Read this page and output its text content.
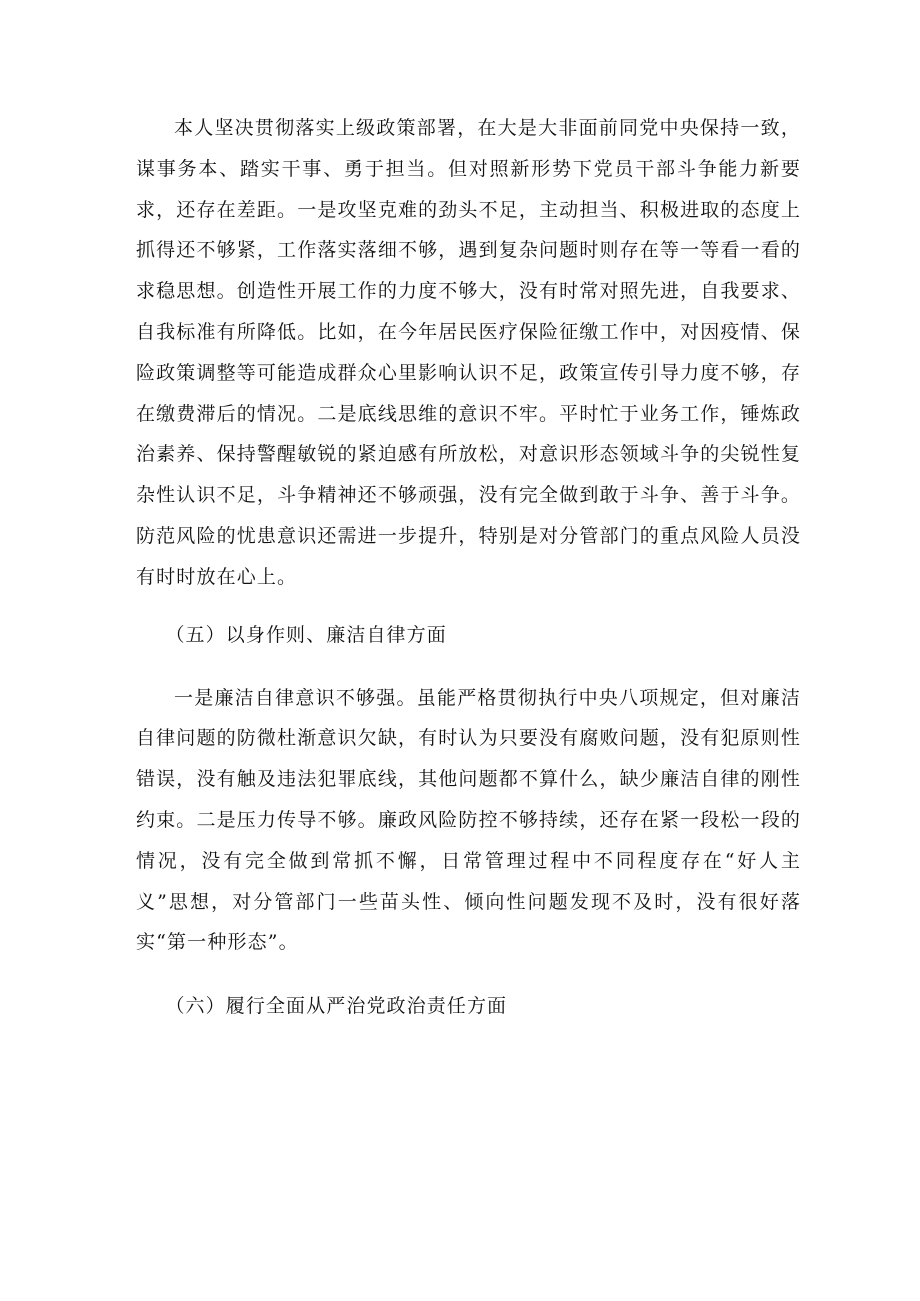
本人坚决贯彻落实上级政策部署，在大是大非面前同党中央保持一致，谋事务本、踏实干事、勇于担当。但对照新形势下党员干部斗争能力新要求，还存在差距。一是攻坚克难的劲头不足，主动担当、积极进取的态度上抓得还不够紧，工作落实落细不够，遇到复杂问题时则存在等一等看一看的求稳思想。创造性开展工作的力度不够大，没有时常对照先进，自我要求、自我标准有所降低。比如，在今年居民医疗保险征缴工作中，对因疫情、保险政策调整等可能造成群众心里影响认识不足，政策宣传引导力度不够，存在缴费滞后的情况。二是底线思维的意识不牢。平时忙于业务工作，锤炼政治素养、保持警醒敏锐的紧迫感有所放松，对意识形态领域斗争的尖锐性复杂性认识不足，斗争精神还不够顽强，没有完全做到敢于斗争、善于斗争。防范风险的忧患意识还需进一步提升，特别是对分管部门的重点风险人员没有时时放在心上。

（五）以身作则、廉洁自律方面

一是廉洁自律意识不够强。虽能严格贯彻执行中央八项规定，但对廉洁自律问题的防微杜渐意识欠缺，有时认为只要没有腐败问题，没有犯原则性错误，没有触及违法犯罪底线，其他问题都不算什么，缺少廉洁自律的刚性约束。二是压力传导不够。廉政风险防控不够持续，还存在紧一段松一段的情况，没有完全做到常抓不懈，日常管理过程中不同程度存在“好人主义”思想，对分管部门一些苗头性、倾向性问题发现不及时，没有很好落实“第一种形态”。

（六）履行全面从严治党政治责任方面
